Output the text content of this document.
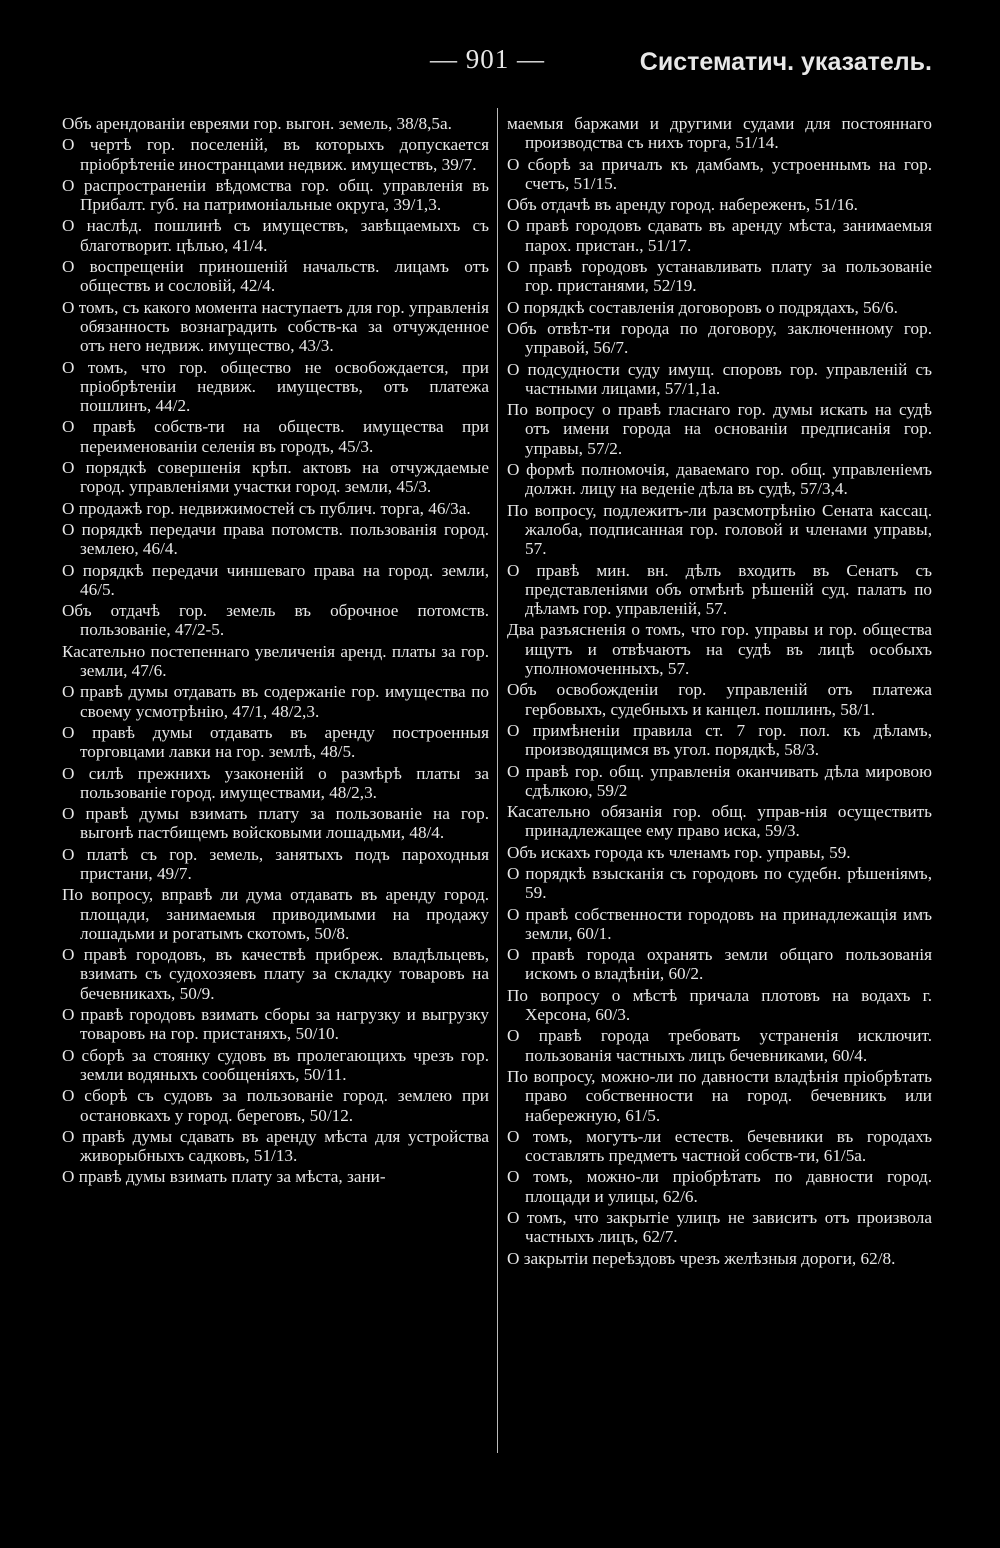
— 901 —	Систематич. указатель.

Объ арендованіи евреями гор. выгон. земель, 38/8,5а.

О чертѣ гор. поселеній, въ которыхъ допускается пріобрѣтеніе иностранцами недвиж. имуществъ, 39/7.

О распространеніи вѣдомства гор. общ. управленія въ Прибалт. губ. на патримоніальные округа, 39/1,3.

О наслѣд. пошлинѣ съ имуществъ, завѣщаемыхъ съ благотворит. цѣлью, 41/4.

О воспрещеніи приношеній начальств. лицамъ отъ обществъ и сословій, 42/4.

О томъ, съ какого момента наступаетъ для гор. управленія обязанность вознаградить собств-ка за отчужденное отъ него недвиж. имущество, 43/3.

О томъ, что гор. общество не освобождается, при пріобрѣтеніи недвиж. имуществъ, отъ платежа пошлинъ, 44/2.

О правѣ собств-ти на обществ. имущества при переименованіи селенія въ городъ, 45/3.

О порядкѣ совершенія крѣп. актовъ на отчуждаемые город. управленіями участки город. земли, 45/3.

О продажѣ гор. недвижимостей съ публич. торга, 46/3а.

О порядкѣ передачи права потомств. пользованія город. землею, 46/4.

О порядкѣ передачи чиншеваго права на город. земли, 46/5.

Объ отдачѣ гор. земель въ оброчное потомств. пользованіе, 47/2-5.

Касательно постепеннаго увеличенія аренд. платы за гор. земли, 47/6.

О правѣ думы отдавать въ содержаніе гор. имущества по своему усмотрѣнію, 47/1, 48/2,3.

О правѣ думы отдавать въ аренду построенныя торговцами лавки на гор. землѣ, 48/5.

О силѣ прежнихъ узаконеній о размѣрѣ платы за пользованіе город. имуществами, 48/2,3.

О правѣ думы взимать плату за пользованіе на гор. выгонѣ пастбищемъ войсковыми лошадьми, 48/4.

О платѣ съ гор. земель, занятыхъ подъ пароходныя пристани, 49/7.

По вопросу, вправѣ ли дума отдавать въ аренду город. площади, занимаемыя приводимыми на продажу лошадьми и рогатымъ скотомъ, 50/8.

О правѣ городовъ, въ качествѣ прибреж. владѣльцевъ, взимать съ судохозяевъ плату за складку товаровъ на бечевникахъ, 50/9.

О правѣ городовъ взимать сборы за нагрузку и выгрузку товаровъ на гор. пристаняхъ, 50/10.

О сборѣ за стоянку судовъ въ пролегающихъ чрезъ гор. земли водяныхъ сообщеніяхъ, 50/11.

О сборѣ съ судовъ за пользованіе город. землею при остановкахъ у город. береговъ, 50/12.

О правѣ думы сдавать въ аренду мѣста для устройства живорыбныхъ садковъ, 51/13.

О правѣ думы взимать плату за мѣста, зани-

маемыя баржами и другими судами для постояннаго производства съ нихъ торга, 51/14.

О сборѣ за причалъ къ дамбамъ, устроеннымъ на гор. счетъ, 51/15.

Объ отдачѣ въ аренду город. набереженъ, 51/16.

О правѣ городовъ сдавать въ аренду мѣста, занимаемыя парох. пристан., 51/17.

О правѣ городовъ устанавливать плату за пользованіе гор. пристанями, 52/19.

О порядкѣ составленія договоровъ о подрядахъ, 56/6.

Объ отвѣт-ти города по договору, заключенному гор. управой, 56/7.

О подсудности суду имущ. споровъ гор. управленій съ частными лицами, 57/1,1а.

По вопросу о правѣ гласнаго гор. думы искать на судѣ отъ имени города на основаніи предписанія гор. управы, 57/2.

О формѣ полномочія, даваемаго гор. общ. управленіемъ должн. лицу на веденіе дѣла въ судѣ, 57/3,4.

По вопросу, подлежитъ-ли разсмотрѣнію Сената кассац. жалоба, подписанная гор. головой и членами управы, 57.

О правѣ мин. вн. дѣлъ входить въ Сенатъ съ представленіями объ отмѣнѣ рѣшеній суд. палатъ по дѣламъ гор. управленій, 57.

Два разъясненія о томъ, что гор. управы и гор. общества ищутъ и отвѣчаютъ на судѣ въ лицѣ особыхъ уполномоченныхъ, 57.

Объ освобожденіи гор. управленій отъ платежа гербовыхъ, судебныхъ и канцел. пошлинъ, 58/1.

О примѣненіи правила ст. 7 гор. пол. къ дѣламъ, производящимся въ угол. порядкѣ, 58/3.

О правѣ гор. общ. управленія оканчивать дѣла мировою сдѣлкою, 59/2

Касательно обязанія гор. общ. управ-нія осуществить принадлежащее ему право иска, 59/3.

Объ искахъ города къ членамъ гор. управы, 59.

О порядкѣ взысканія съ городовъ по судебн. рѣшеніямъ, 59.

О правѣ собственности городовъ на принадлежащія имъ земли, 60/1.

О правѣ города охранять земли общаго пользованія искомъ о владѣніи, 60/2.

По вопросу о мѣстѣ причала плотовъ на водахъ г. Херсона, 60/3.

О правѣ города требовать устраненія исключит. пользованія частныхъ лицъ бечевниками, 60/4.

По вопросу, можно-ли по давности владѣнія пріобрѣтать право собственности на город. бечевникъ или набережную, 61/5.

О томъ, могутъ-ли естеств. бечевники въ городахъ составлять предметъ частной собств-ти, 61/5а.

О томъ, можно-ли пріобрѣтать по давности город. площади и улицы, 62/6.

О томъ, что закрытіе улицъ не зависитъ отъ произвола частныхъ лицъ, 62/7.

О закрытіи переѣздовъ чрезъ желѣзныя дороги, 62/8.
